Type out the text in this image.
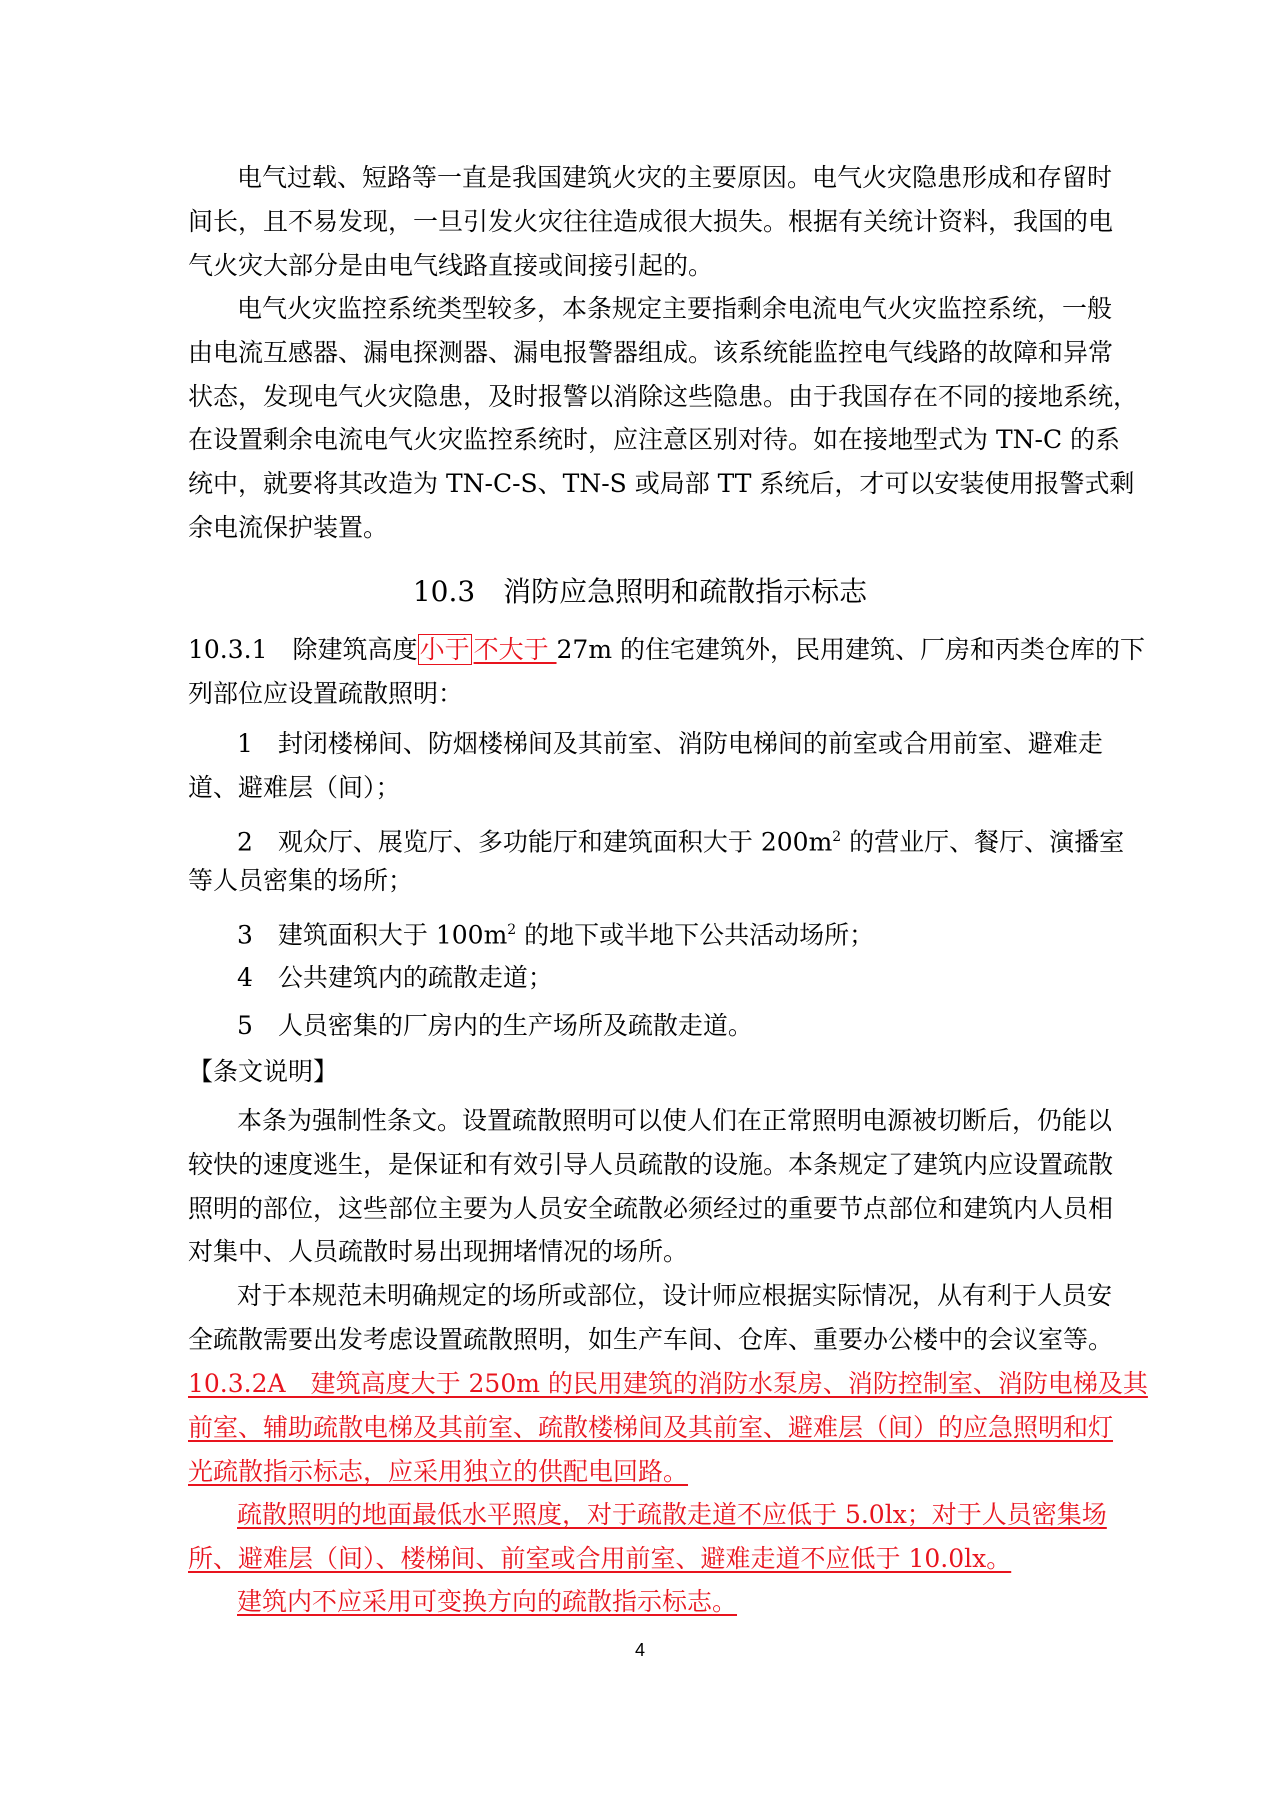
电气过载、短路等一直是我国建筑火灾的主要原因。电气火灾隐患形成和存留时
间长，且不易发现，一旦引发火灾往往造成很大损失。根据有关统计资料，我国的电
气火灾大部分是由电气线路直接或间接引起的。
电气火灾监控系统类型较多，本条规定主要指剩余电流电气火灾监控系统，一般
由电流互感器、漏电探测器、漏电报警器组成。该系统能监控电气线路的故障和异常
状态，发现电气火灾隐患，及时报警以消除这些隐患。由于我国存在不同的接地系统，
在设置剩余电流电气火灾监控系统时，应注意区别对待。如在接地型式为 TN-C 的系
统中，就要将其改造为 TN-C-S、TN-S 或局部 TT 系统后，才可以安装使用报警式剩
余电流保护装置。
10.3　消防应急照明和疏散指示标志
10.3.1　 除建筑高度小于 不大于 27m 的住宅建筑外，民用建筑、厂房和丙类仓库的下
列部位应设置疏散照明：
1　封闭楼梯间、防烟楼梯间及其前室、消防电梯间的前室或合用前室、避难走
道、避难层（间）；
2　观众厅、展览厅、多功能厅和建筑面积大于 $200m^2$ 的营业厅、餐厅、演播室
等人员密集的场所；
3　建筑面积大于 $100m^2$ 的地下或半地下公共活动场所；
4　公共建筑内的疏散走道；
5　人员密集的厂房内的生产场所及疏散走道。
【条文说明】
本条为强制性条文。设置疏散照明可以使人们在正常照明电源被切断后，仍能以
较快的速度逃生，是保证和有效引导人员疏散的设施。本条规定了建筑内应设置疏散
照明的部位，这些部位主要为人员安全疏散必须经过的重要节点部位和建筑内人员相
对集中、人员疏散时易出现拥堵情况的场所。
对于本规范未明确规定的场所或部位，设计师应根据实际情况，从有利于人员安
全疏散需要出发考虑设置疏散照明，如生产车间、仓库、重要办公楼中的会议室等。
10.3.2A　建筑高度大于 250m 的民用建筑的消防水泵房、消防控制室、消防电梯及其
前室、辅助疏散电梯及其前室、疏散楼梯间及其前室、避难层（间）的应急照明和灯
光疏散指示标志，应采用独立的供配电回路。
疏散照明的地面最低水平照度，对于疏散走道不应低于 5.0lx；对于人员密集场
所、避难层（间）、楼梯间、前室或合用前室、避难走道不应低于 10.0lx。
建筑内不应采用可变换方向的疏散指示标志。
4
